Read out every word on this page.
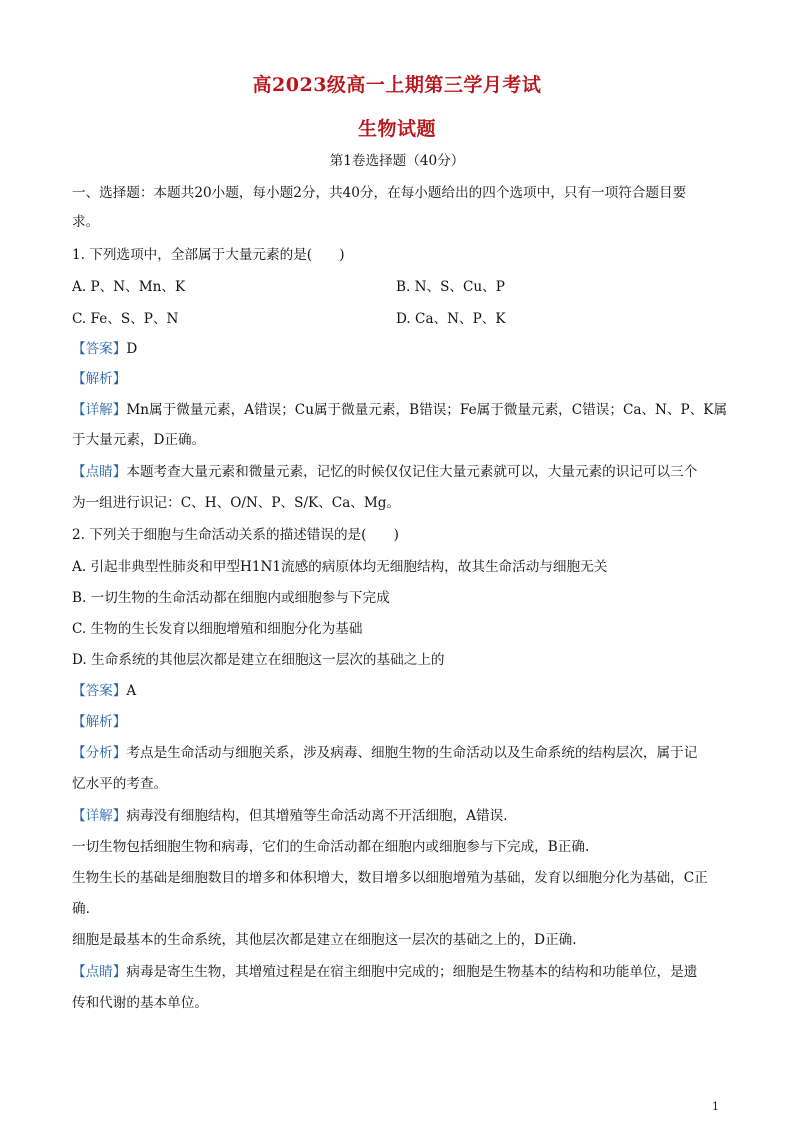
高2023级高一上期第三学月考试
生物试题
第1卷选择题（40分）
一、选择题：本题共20小题，每小题2分，共40分，在每小题给出的四个选项中，只有一项符合题目要
求。
1. 下列选项中，全部属于大量元素的是(　　)
A. P、N、Mn、K	B. N、S、Cu、P
C. Fe、S、P、N	D. Ca、N、P、K
【答案】D
【解析】
【详解】Mn属于微量元素，A错误；Cu属于微量元素，B错误；Fe属于微量元素，C错误；Ca、N、P、K属
于大量元素，D正确。
【点睛】本题考查大量元素和微量元素，记忆的时候仅仅记住大量元素就可以，大量元素的识记可以三个
为一组进行识记：C、H、O/N、P、S/K、Ca、Mg。
2. 下列关于细胞与生命活动关系的描述错误的是(　　)
A. 引起非典型性肺炎和甲型H1N1流感的病原体均无细胞结构，故其生命活动与细胞无关
B. 一切生物的生命活动都在细胞内或细胞参与下完成
C. 生物的生长发育以细胞增殖和细胞分化为基础
D. 生命系统的其他层次都是建立在细胞这一层次的基础之上的
【答案】A
【解析】
【分析】考点是生命活动与细胞关系，涉及病毒、细胞生物的生命活动以及生命系统的结构层次，属于记
忆水平的考查。
【详解】病毒没有细胞结构，但其增殖等生命活动离不开活细胞，A错误.
一切生物包括细胞生物和病毒，它们的生命活动都在细胞内或细胞参与下完成，B正确.
生物生长的基础是细胞数目的增多和体积增大，数目增多以细胞增殖为基础，发育以细胞分化为基础，C正
确.
细胞是最基本的生命系统，其他层次都是建立在细胞这一层次的基础之上的，D正确.
【点睛】病毒是寄生生物，其增殖过程是在宿主细胞中完成的；细胞是生物基本的结构和功能单位，是遗
传和代谢的基本单位。
1
